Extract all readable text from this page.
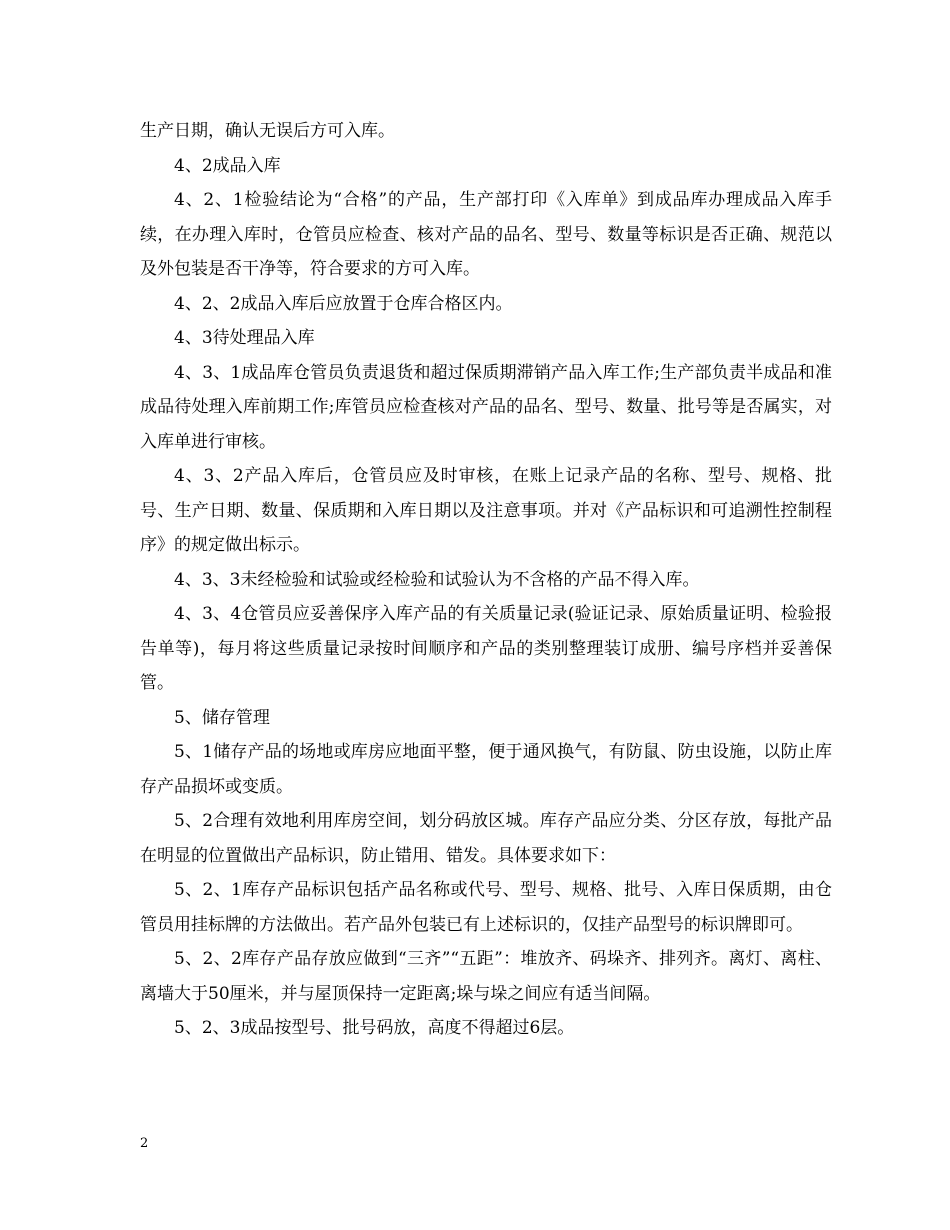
生产日期，确认无误后方可入库。

4、2成品入库

4、2、1检验结论为“合格”的产品，生产部打印《入库单》到成品库办理成品入库手续，在办理入库时，仓管员应检查、核对产品的品名、型号、数量等标识是否正确、规范以及外包装是否干净等，符合要求的方可入库。

4、2、2成品入库后应放置于仓库合格区内。

4、3待处理品入库

4、3、1成品库仓管员负责退货和超过保质期滞销产品入库工作;生产部负责半成品和准成品待处理入库前期工作;库管员应检查核对产品的品名、型号、数量、批号等是否属实，对入库单进行审核。

4、3、2产品入库后，仓管员应及时审核，在账上记录产品的名称、型号、规格、批号、生产日期、数量、保质期和入库日期以及注意事项。并对《产品标识和可追溯性控制程序》的规定做出标示。

4、3、3未经检验和试验或经检验和试验认为不含格的产品不得入库。

4、3、4仓管员应妥善保序入库产品的有关质量记录(验证记录、原始质量证明、检验报告单等)，每月将这些质量记录按时间顺序和产品的类别整理装订成册、编号序档并妥善保管。

5、储存管理

5、1储存产品的场地或库房应地面平整，便于通风换气，有防鼠、防虫设施，以防止库存产品损坏或变质。

5、2合理有效地利用库房空间，划分码放区城。库存产品应分类、分区存放，每批产品在明显的位置做出产品标识，防止错用、错发。具体要求如下：

5、2、1库存产品标识包括产品名称或代号、型号、规格、批号、入库日保质期，由仓管员用挂标牌的方法做出。若产品外包装已有上述标识的，仅挂产品型号的标识牌即可。

5、2、2库存产品存放应做到“三齐”“五距”：堆放齐、码垛齐、排列齐。离灯、离柱、离墙大于50厘米，并与屋顶保持一定距离;垛与垛之间应有适当间隔。

5、2、3成品按型号、批号码放，高度不得超过6层。

2
